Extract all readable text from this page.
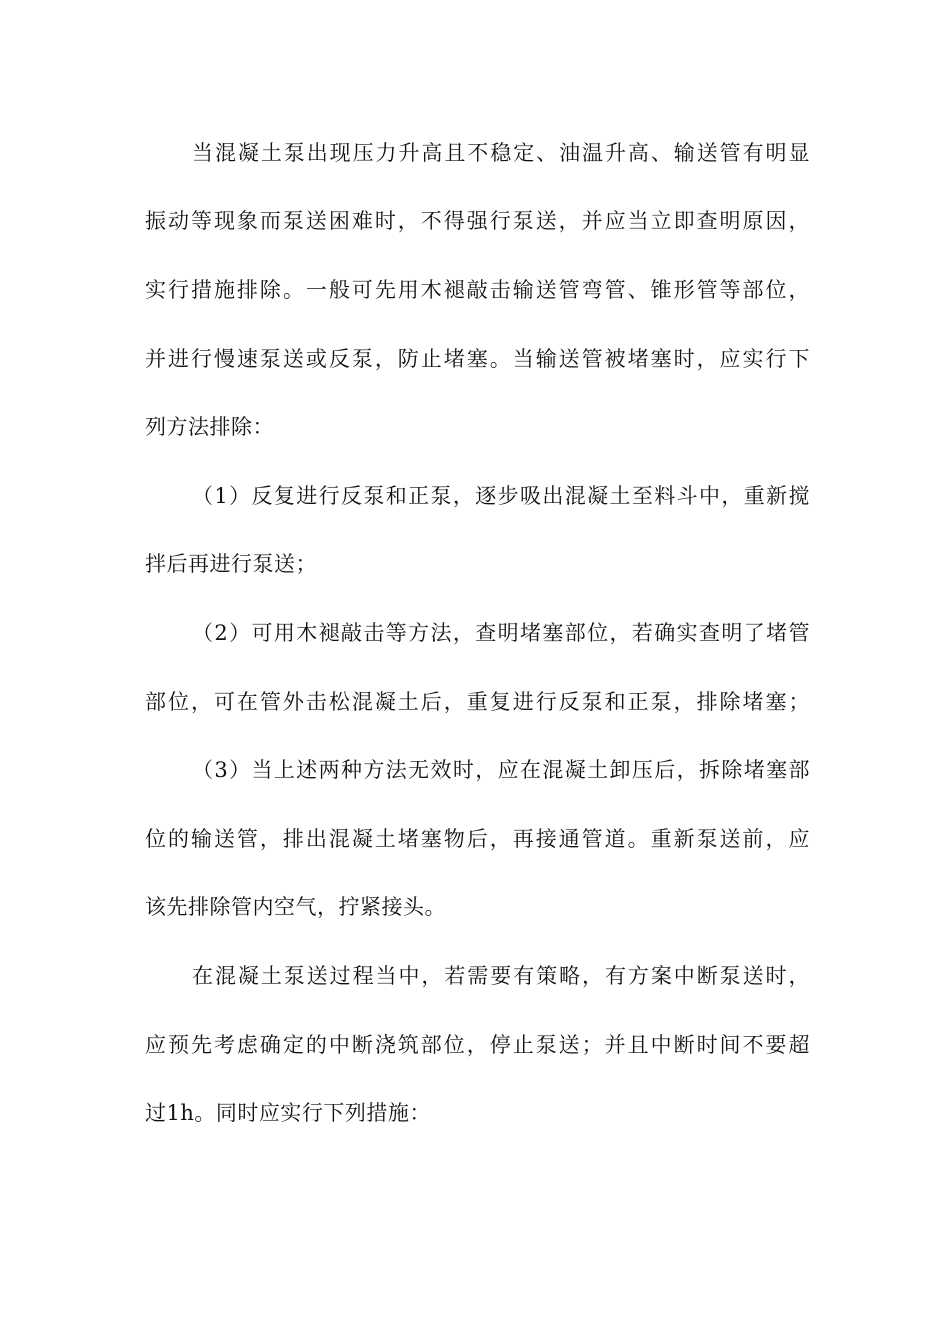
当混凝土泵出现压力升高且不稳定、油温升高、输送管有明显
振动等现象而泵送困难时，不得强行泵送，并应当立即查明原因，
实行措施排除。一般可先用木褪敲击输送管弯管、锥形管等部位，
并进行慢速泵送或反泵，防止堵塞。当输送管被堵塞时，应实行下
列方法排除：
（1）反复进行反泵和正泵，逐步吸出混凝土至料斗中，重新搅
拌后再进行泵送；
（2）可用木褪敲击等方法，查明堵塞部位，若确实查明了堵管
部位，可在管外击松混凝土后，重复进行反泵和正泵，排除堵塞；
（3）当上述两种方法无效时，应在混凝土卸压后，拆除堵塞部
位的输送管，排出混凝土堵塞物后，再接通管道。重新泵送前，应
该先排除管内空气，拧紧接头。
在混凝土泵送过程当中，若需要有策略，有方案中断泵送时，
应预先考虑确定的中断浇筑部位，停止泵送；并且中断时间不要超
过1h。同时应实行下列措施：
